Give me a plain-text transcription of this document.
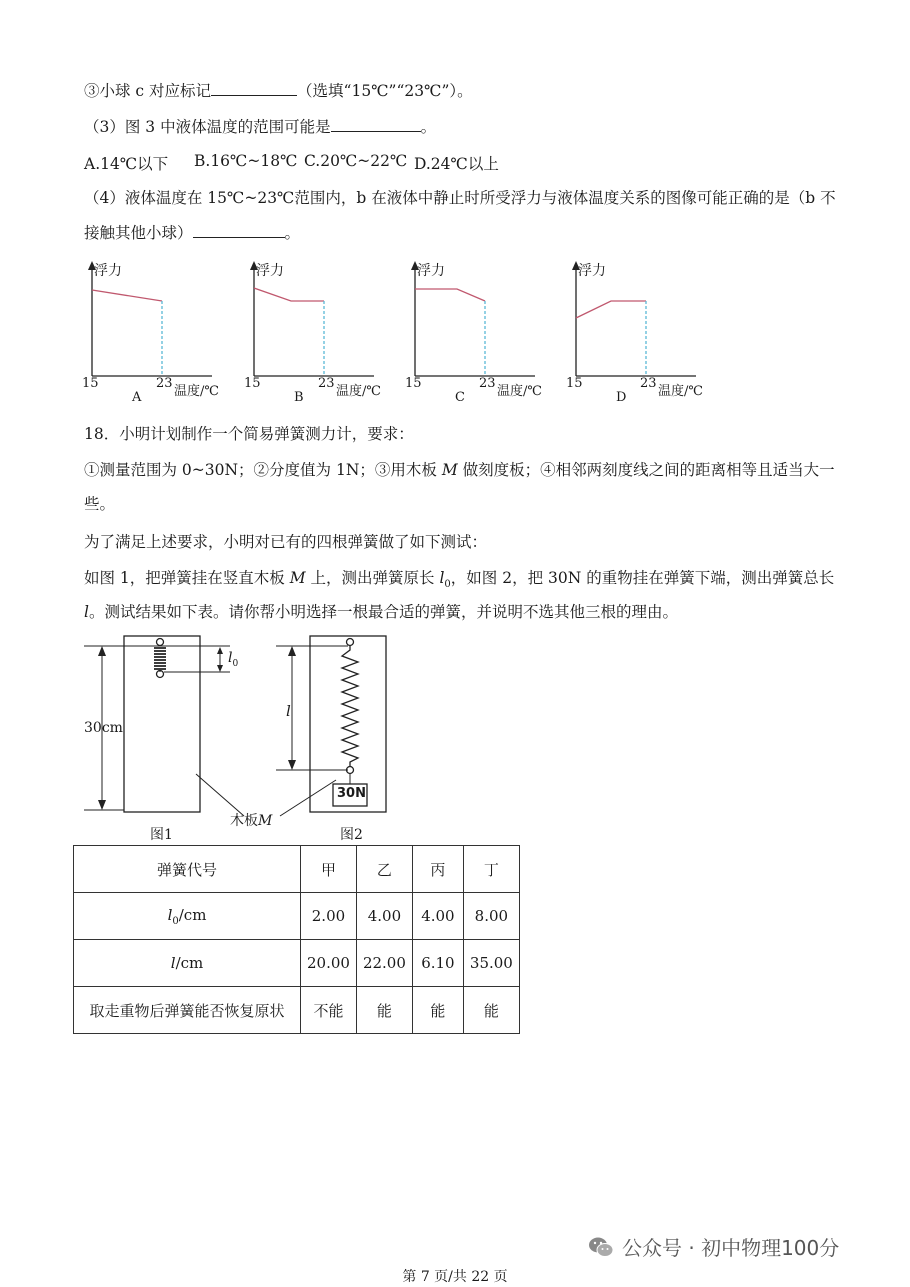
③小球 c 对应标记	（选填“15℃”“23℃”）。
（3）图 3 中液体温度的范围可能是	。
A.14℃以下 B.16℃~18℃ C.20℃~22℃ D.24℃以上
（4）液体温度在 15℃~23℃范围内，b 在液体中静止时所受浮力与液体温度关系的图像可能正确的是（b 不
接触其他小球）	。
浮力
15	23
温度/℃
A
浮力
15	23
温度/℃
B
浮力
15	23
温度/℃
C
浮力
15	23
温度/℃
D
18．小明计划制作一个简易弹簧测力计，要求：
①测量范围为 0~30N；②分度值为 1N；③用木板 M 做刻度板；④相邻两刻度线之间的距离相等且适当大一
些。
为了满足上述要求，小明对已有的四根弹簧做了如下测试：
如图 1，把弹簧挂在竖直木板 M 上，测出弹簧原长 $l_0$，如图 2，把 30N 的重物挂在弹簧下端，测出弹簧总长
l。测试结果如下表。请你帮小明选择一根最合适的弹簧，并说明不选其他三根的理由。
30cm
$l_0$
l
30N
木板M
图1	图2
弹簧代号	甲	乙	丙	丁
$l_0/cm$	2.00	4.00	4.00	8.00
l/cm	20.00	22.00	6.10	35.00
取走重物后弹簧能否恢复原状	不能	能	能	能
公众号 · 初中物理100分
第 7 页/共 22 页
